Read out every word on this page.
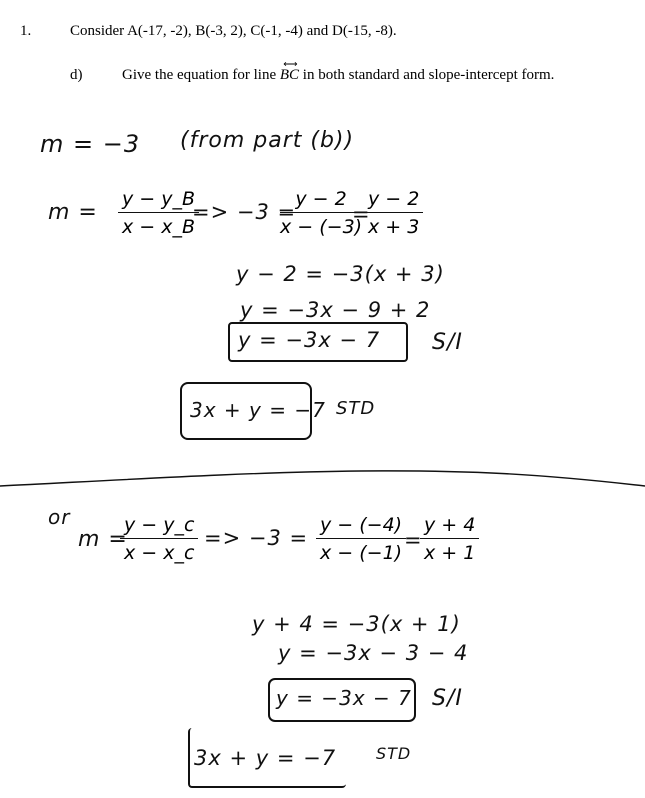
1.	Consider A(-17, -2), B(-3, 2), C(-1, -4) and D(-15, -8).
d)	Give the equation for line
⟷
BC in both standard and slope-intercept form.
m = −3 (from part (b))
$m = \frac{y - y\_B}{x - x\_B}$
=> −3 =
$\frac{y - 2}{x - (-3)}$
=
$\frac{y - 2}{x + 3}$
y − 2 = −3(x + 3)
y = −3x − 9 + 2
y = −3x − 7 S/I
3x + y = −7 STD
or
m =
$\frac{y - y\_c}{x - x\_c} => -3 = \frac{y - (-4)}{x - (-1)}$
=
$\frac{y + 4}{x + 1}$
y + 4 = −3(x + 1)
y = −3x − 3 − 4
y = −3x − 7 S/I
3x + y = −7 STD
